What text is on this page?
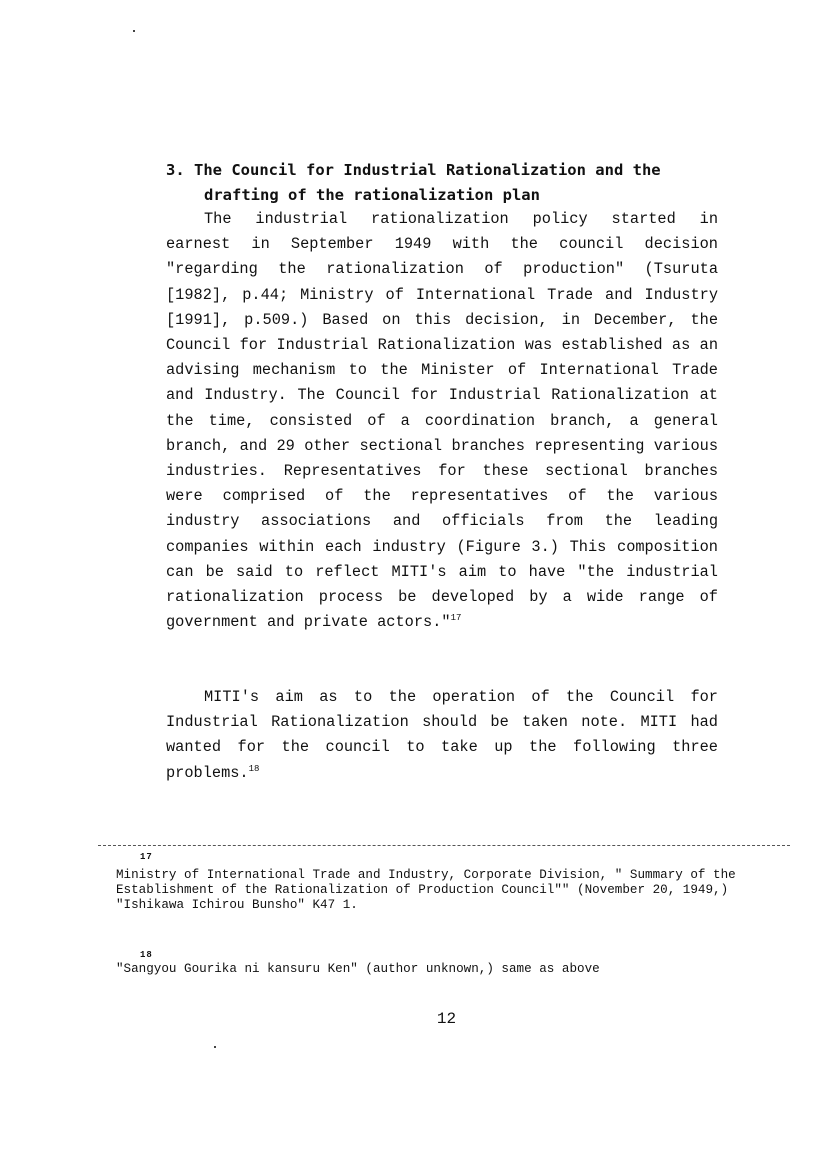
3. The Council for Industrial Rationalization and the
drafting of the rationalization plan

The industrial rationalization policy started in earnest in September 1949 with the council decision "regarding the rationalization of production" (Tsuruta [1982], p.44; Ministry of International Trade and Industry [1991], p.509.) Based on this decision, in December, the Council for Industrial Rationalization was established as an advising mechanism to the Minister of International Trade and Industry. The Council for Industrial Rationalization at the time, consisted of a coordination branch, a general branch, and 29 other sectional branches representing various industries. Representatives for these sectional branches were comprised of the representatives of the various industry associations and officials from the leading companies within each industry (Figure 3.) This composition can be said to reflect MITI's aim to have "the industrial rationalization process be developed by a wide range of government and private actors."$^{17}$

MITI's aim as to the operation of the Council for Industrial Rationalization should be taken note. MITI had wanted for the council to take up the following three problems.$^{18}$

17

Ministry of International Trade and Industry, Corporate Division, " Summary of the Establishment of the Rationalization of Production Council"" (November 20, 1949,) "Ishikawa Ichirou Bunsho" K47 1.

18

"Sangyou Gourika ni kansuru Ken" (author unknown,) same as above

12
